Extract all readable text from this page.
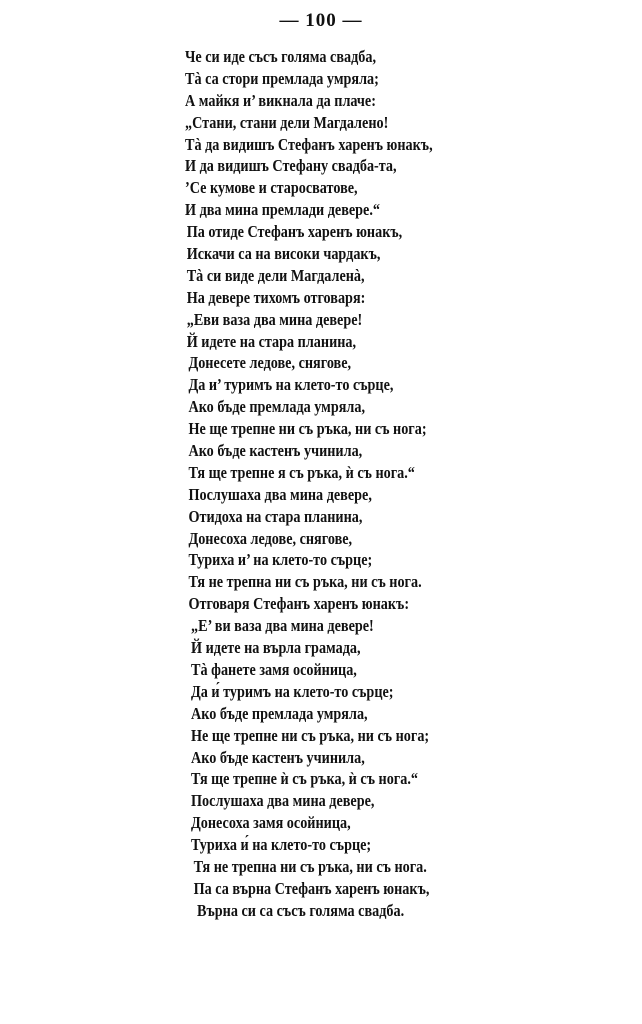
— 100 —
Че си иде съсъ голяма свадба,
Тà са стори премлада умряла;
А майкя и’ викнала да плаче:
„Стани, стани дели Магдалено!
Тà да видишъ Стефанъ харенъ юнакъ,
И да видишъ Стефану свадба-та,
’Се кумове и старосватове,
И два мина премлади девере.“
Па отиде Стефанъ харенъ юнакъ,
Искачи са на високи чардакъ,
Тà си виде дели Магдаленà,
На девере тихомъ отговаря:
„Еви ваза два мина девере!
Й идете на стара планина,
Донесете ледове, снягове,
Да и’ туримъ на клето-то сърце,
Ако бъде премлада умряла,
Не ще трепне ни съ ръка, ни съ нога;
Ако бъде кастенъ учинила,
Тя ще трепне я съ ръка, ѝ съ нога.“
Послушаха два мина девере,
Отидоха на стара планина,
Донесоха ледове, снягове,
Туриха и’ на клето-то сърце;
Тя не трепна ни съ ръка, ни съ нога.
Отговаря Стефанъ харенъ юнакъ:
„Е’ ви ваза два мина девере!
Й идете на върла грамада,
Тà фанете замя осойница,
Да и́ туримъ на клето-то сърце;
Ако бъде премлада умряла,
Не ще трепне ни съ ръка, ни съ нога;
Ако бъде кастенъ учинила,
Тя ще трепне ѝ съ ръка, ѝ съ нога.“
Послушаха два мина девере,
Донесоха замя осойница,
Туриха и́ на клето-то сърце;
Тя не трепна ни съ ръка, ни съ нога.
Па са върна Стефанъ харенъ юнакъ,
Върна си са съсъ голяма свадба.
